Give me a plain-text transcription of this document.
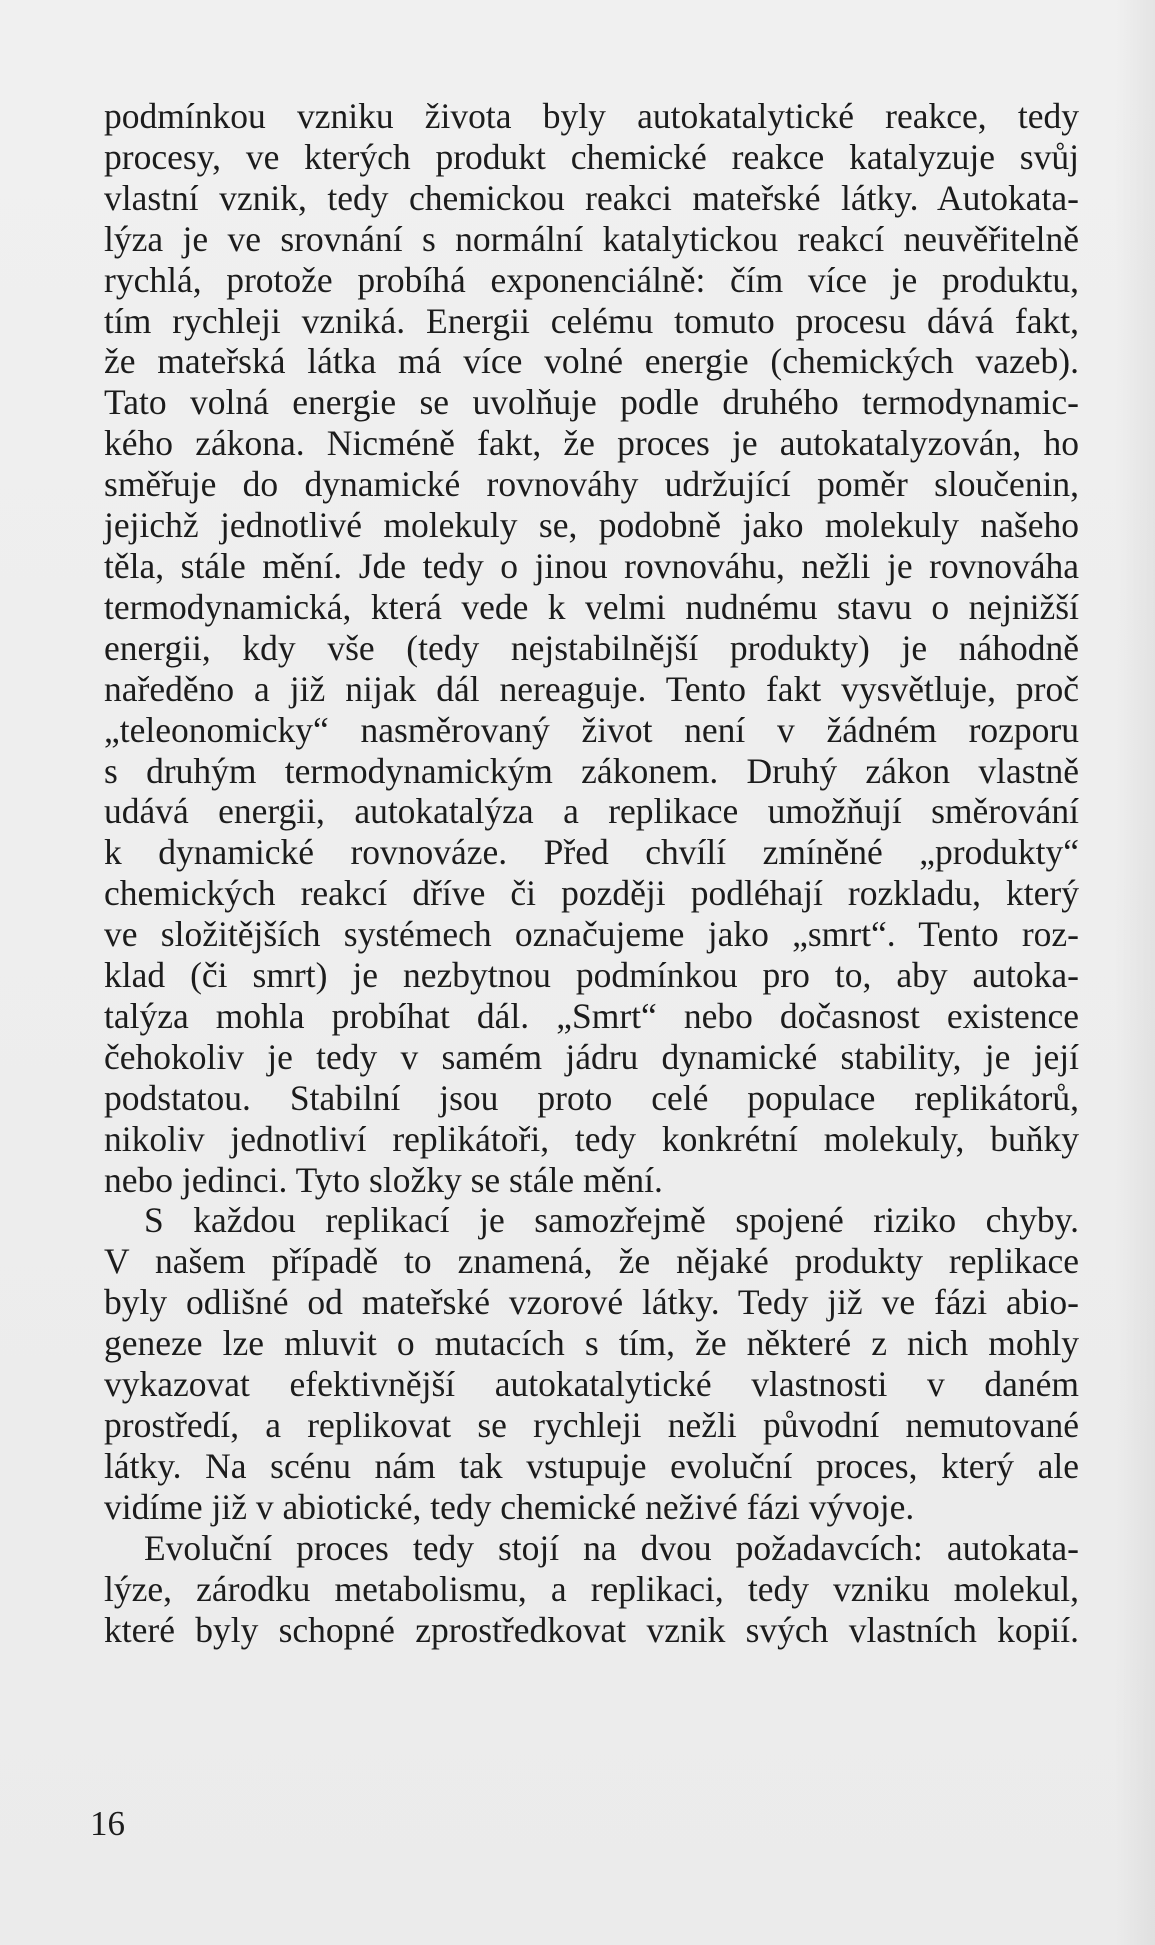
podmínkou vzniku života byly autokatalytické reakce, tedy
procesy, ve kterých produkt chemické reakce katalyzuje svůj
vlastní vznik, tedy chemickou reakci mateřské látky. Autokata-
lýza je ve srovnání s normální katalytickou reakcí neuvěřitelně
rychlá, protože probíhá exponenciálně: čím více je produktu,
tím rychleji vzniká. Energii celému tomuto procesu dává fakt,
že mateřská látka má více volné energie (chemických vazeb).
Tato volná energie se uvolňuje podle druhého termodynamic-
kého zákona. Nicméně fakt, že proces je autokatalyzován, ho
směřuje do dynamické rovnováhy udržující poměr sloučenin,
jejichž jednotlivé molekuly se, podobně jako molekuly našeho
těla, stále mění. Jde tedy o jinou rovnováhu, nežli je rovnováha
termodynamická, která vede k velmi nudnému stavu o nejnižší
energii, kdy vše (tedy nejstabilnější produkty) je náhodně
naředěno a již nijak dál nereaguje. Tento fakt vysvětluje, proč
„teleonomicky“ nasměrovaný život není v žádném rozporu
s druhým termodynamickým zákonem. Druhý zákon vlastně
udává energii, autokatalýza a replikace umožňují směrování
k dynamické rovnováze. Před chvílí zmíněné „produkty“
chemických reakcí dříve či později podléhají rozkladu, který
ve složitějších systémech označujeme jako „smrt“. Tento roz-
klad (či smrt) je nezbytnou podmínkou pro to, aby autoka-
talýza mohla probíhat dál. „Smrt“ nebo dočasnost existence
čehokoliv je tedy v samém jádru dynamické stability, je její
podstatou. Stabilní jsou proto celé populace replikátorů,
nikoliv jednotliví replikátoři, tedy konkrétní molekuly, buňky
nebo jedinci. Tyto složky se stále mění.
S každou replikací je samozřejmě spojené riziko chyby.
V našem případě to znamená, že nějaké produkty replikace
byly odlišné od mateřské vzorové látky. Tedy již ve fázi abio-
geneze lze mluvit o mutacích s tím, že některé z nich mohly
vykazovat efektivnější autokatalytické vlastnosti v daném
prostředí, a replikovat se rychleji nežli původní nemutované
látky. Na scénu nám tak vstupuje evoluční proces, který ale
vidíme již v abiotické, tedy chemické neživé fázi vývoje.
Evoluční proces tedy stojí na dvou požadavcích: autokata-
lýze, zárodku metabolismu, a replikaci, tedy vzniku molekul,
které byly schopné zprostředkovat vznik svých vlastních kopií.
16
